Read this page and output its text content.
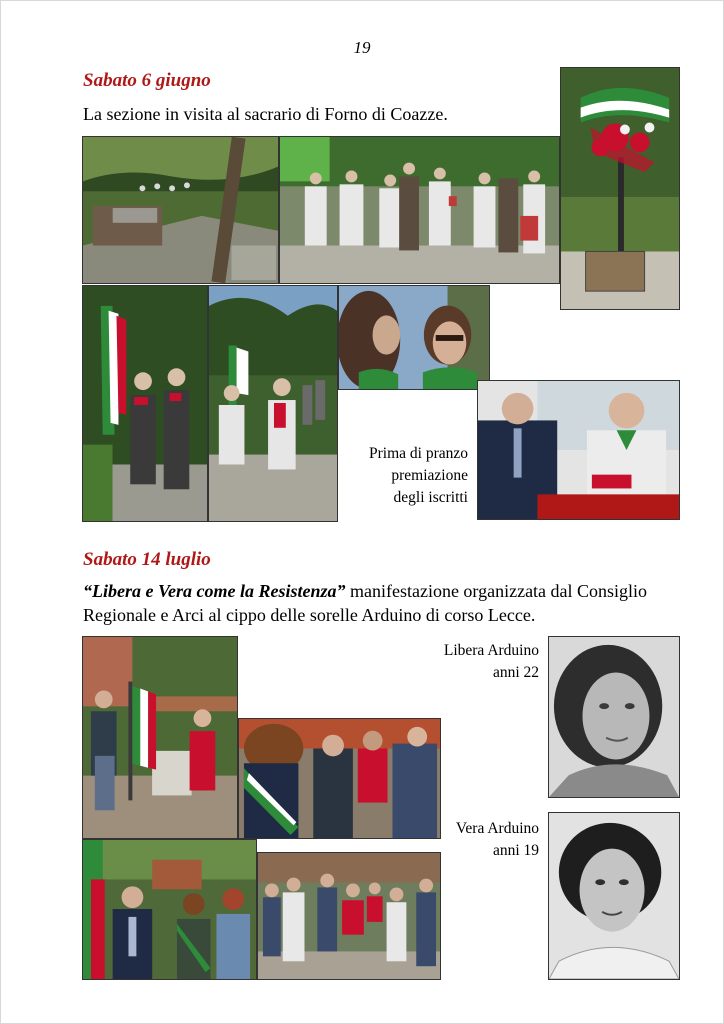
19
Sabato 6 giugno
La sezione in visita al sacrario di Forno di Coazze.
Prima di pranzo
premiazione
degli iscritti
Sabato 14 luglio
“Libera e Vera come la Resistenza” manifestazione organizzata dal Consiglio Regionale e Arci al cippo delle sorelle Arduino di corso Lecce.
Libera Arduino
anni 22
Vera Arduino
anni 19
